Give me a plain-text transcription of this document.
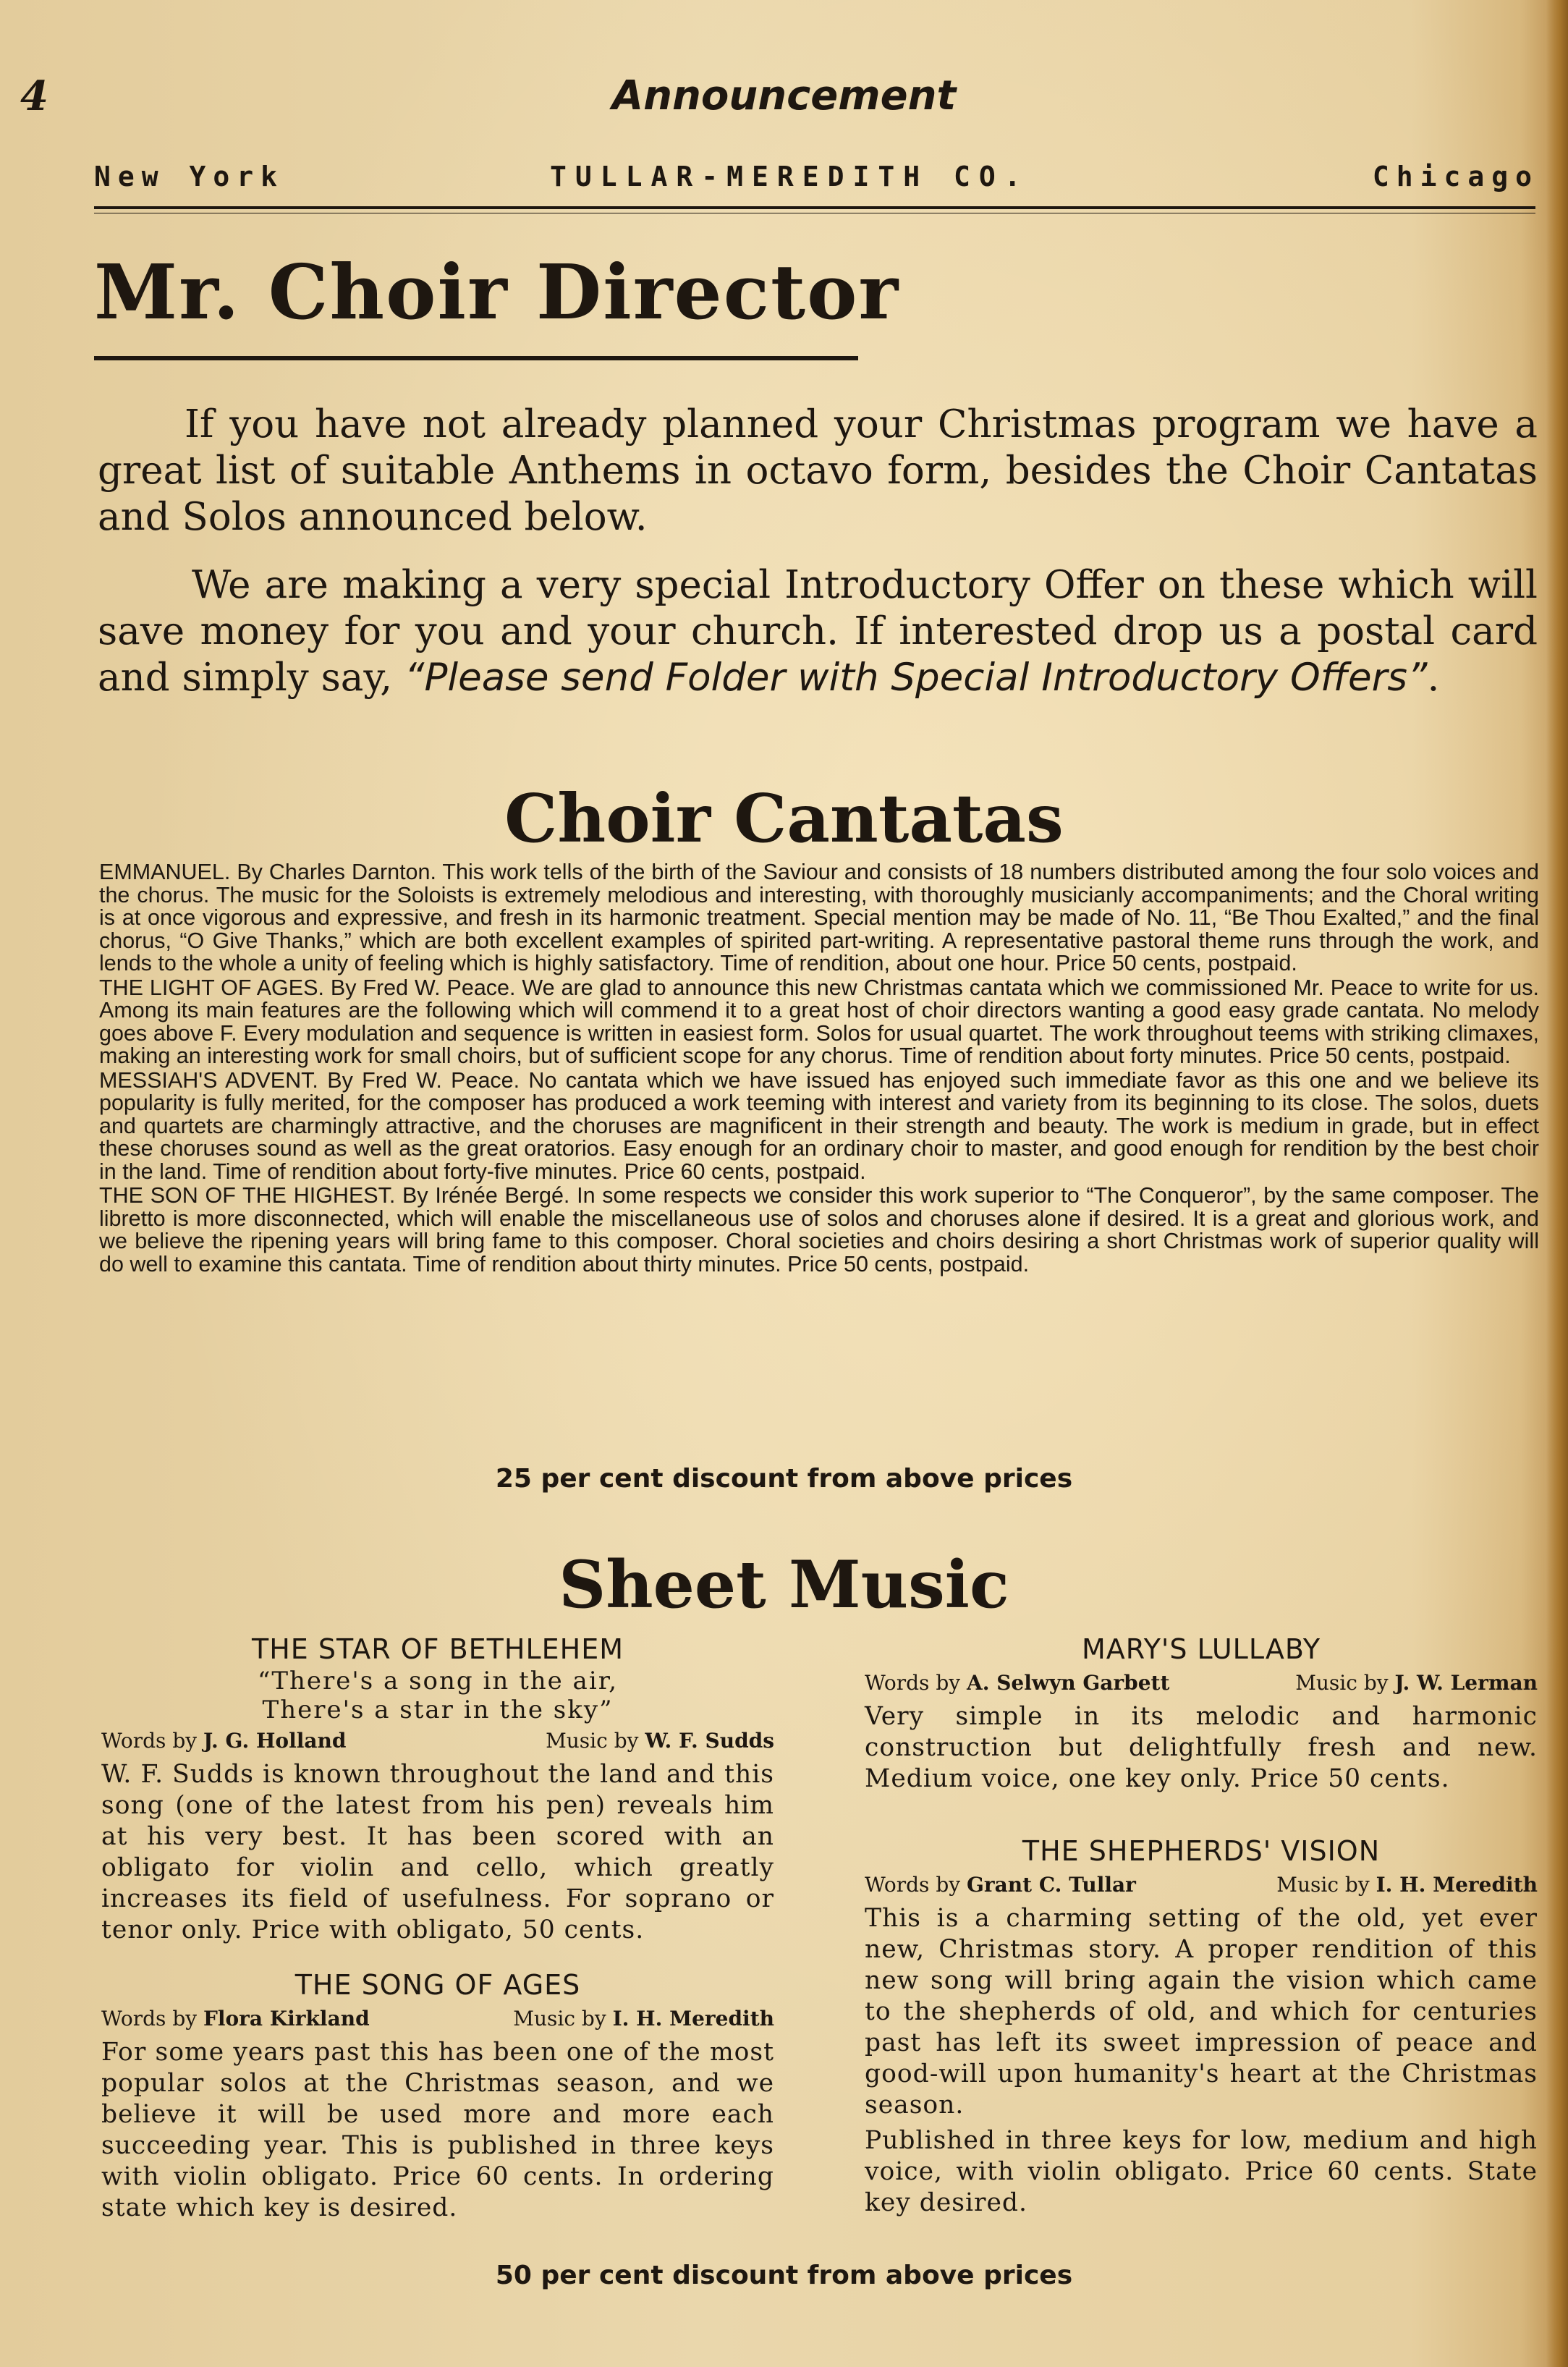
4	Announcement
New York	TULLAR-MEREDITH CO.	Chicago
Mr. Choir Director

If you have not already planned your Christmas program we have a great list of suitable Anthems in octavo form, besides the Choir Cantatas and Solos announced below.

We are making a very special Introductory Offer on these which will save money for you and your church. If interested drop us a postal card and simply say, “Please send Folder with Special Introductory Offers”.

Choir Cantatas

EMMANUEL. By Charles Darnton. This work tells of the birth of the Saviour and consists of 18 numbers distributed among the four solo voices and the chorus. The music for the Soloists is extremely melodious and interesting, with thoroughly musicianly accompaniments; and the Choral writing is at once vigorous and expressive, and fresh in its harmonic treatment. Special mention may be made of No. 11, “Be Thou Exalted,” and the final chorus, “O Give Thanks,” which are both excellent examples of spirited part-writing. A representative pastoral theme runs through the work, and lends to the whole a unity of feeling which is highly satisfactory. Time of rendition, about one hour. Price 50 cents, postpaid.

THE LIGHT OF AGES. By Fred W. Peace. We are glad to announce this new Christmas cantata which we commissioned Mr. Peace to write for us. Among its main features are the following which will commend it to a great host of choir directors wanting a good easy grade cantata. No melody goes above F. Every modulation and sequence is written in easiest form. Solos for usual quartet. The work throughout teems with striking climaxes, making an interesting work for small choirs, but of sufficient scope for any chorus. Time of rendition about forty minutes. Price 50 cents, postpaid.

MESSIAH'S ADVENT. By Fred W. Peace. No cantata which we have issued has enjoyed such immediate favor as this one and we believe its popularity is fully merited, for the composer has produced a work teeming with interest and variety from its beginning to its close. The solos, duets and quartets are charmingly attractive, and the choruses are magnificent in their strength and beauty. The work is medium in grade, but in effect these choruses sound as well as the great oratorios. Easy enough for an ordinary choir to master, and good enough for rendition by the best choir in the land. Time of rendition about forty-five minutes. Price 60 cents, postpaid.

THE SON OF THE HIGHEST. By Irénée Bergé. In some respects we consider this work superior to “The Conqueror”, by the same composer. The libretto is more disconnected, which will enable the miscellaneous use of solos and choruses alone if desired. It is a great and glorious work, and we believe the ripening years will bring fame to this composer. Choral societies and choirs desiring a short Christmas work of superior quality will do well to examine this cantata. Time of rendition about thirty minutes. Price 50 cents, postpaid.

25 per cent discount from above prices
Sheet Music
THE STAR OF BETHLEHEM
“There's a song in the air,
There's a star in the sky”
Words by J. G. Holland	Music by W. F. Sudds
W. F. Sudds is known throughout the land and this song (one of the latest from his pen) reveals him at his very best. It has been scored with an obligato for violin and cello, which greatly increases its field of usefulness. For soprano or tenor only. Price with obligato, 50 cents.
THE SONG OF AGES
Words by Flora Kirkland	Music by I. H. Meredith
For some years past this has been one of the most popular solos at the Christmas season, and we believe it will be used more and more each succeeding year. This is published in three keys with violin obligato. Price 60 cents. In ordering state which key is desired.
MARY'S LULLABY
Words by A. Selwyn Garbett	Music by J. W. Lerman
Very simple in its melodic and harmonic construction but delightfully fresh and new. Medium voice, one key only. Price 50 cents.
THE SHEPHERDS' VISION
Words by Grant C. Tullar	Music by I. H. Meredith
This is a charming setting of the old, yet ever new, Christmas story. A proper rendition of this new song will bring again the vision which came to the shepherds of old, and which for centuries past has left its sweet impression of peace and good-will upon humanity's heart at the Christmas season.
Published in three keys for low, medium and high voice, with violin obligato. Price 60 cents. State key desired.
50 per cent discount from above prices
